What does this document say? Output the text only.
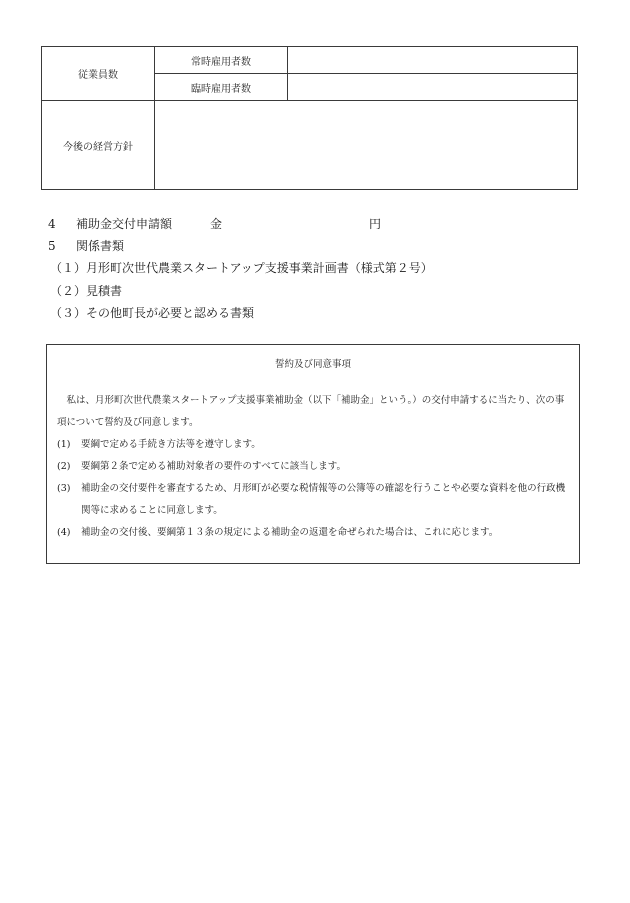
従業員数	常時雇用者数	
	臨時雇用者数	
今後の経営方針		
4 補助金交付申請額	金	円
5 関係書類
（１）月形町次世代農業スタートアップ支援事業計画書（様式第２号）
（２）見積書
（３）その他町長が必要と認める書類
誓約及び同意事項
私は、月形町次世代農業スタートアップ支援事業補助金（以下「補助金」という。）の交付申請するに当たり、次の事項について誓約及び同意します。
(1)	要綱で定める手続き方法等を遵守します。
(2)	要綱第２条で定める補助対象者の要件のすべてに該当します。
(3)	補助金の交付要件を審査するため、月形町が必要な税情報等の公簿等の確認を行うことや必要な資料を他の行政機関等に求めることに同意します。
(4)	補助金の交付後、要綱第１３条の規定による補助金の返還を命ぜられた場合は、これに応じます。
